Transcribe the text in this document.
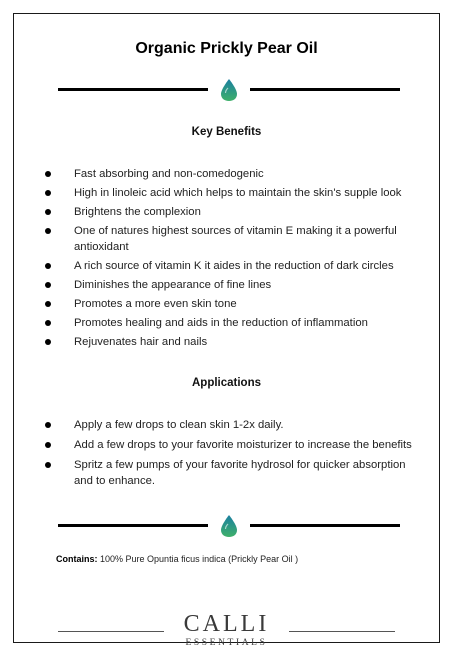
Organic Prickly Pear Oil
Key Benefits
Fast absorbing and non-comedogenic
High in linoleic acid which helps to maintain the skin's supple look
Brightens the complexion
One of natures highest sources of vitamin E making it a powerful antioxidant
A rich source of vitamin K it aides in the reduction of dark circles
Diminishes the appearance of fine lines
Promotes a more even skin tone
Promotes healing and aids in the reduction of inflammation
Rejuvenates hair and nails
Applications
Apply a few drops to clean skin 1-2x daily.
Add a few drops to your favorite moisturizer to increase the benefits
Spritz a few pumps of your favorite hydrosol for quicker absorption and to enhance.
Contains: 100% Pure Opuntia ficus indica (Prickly Pear Oil )
CALLI
ESSENTIALS
